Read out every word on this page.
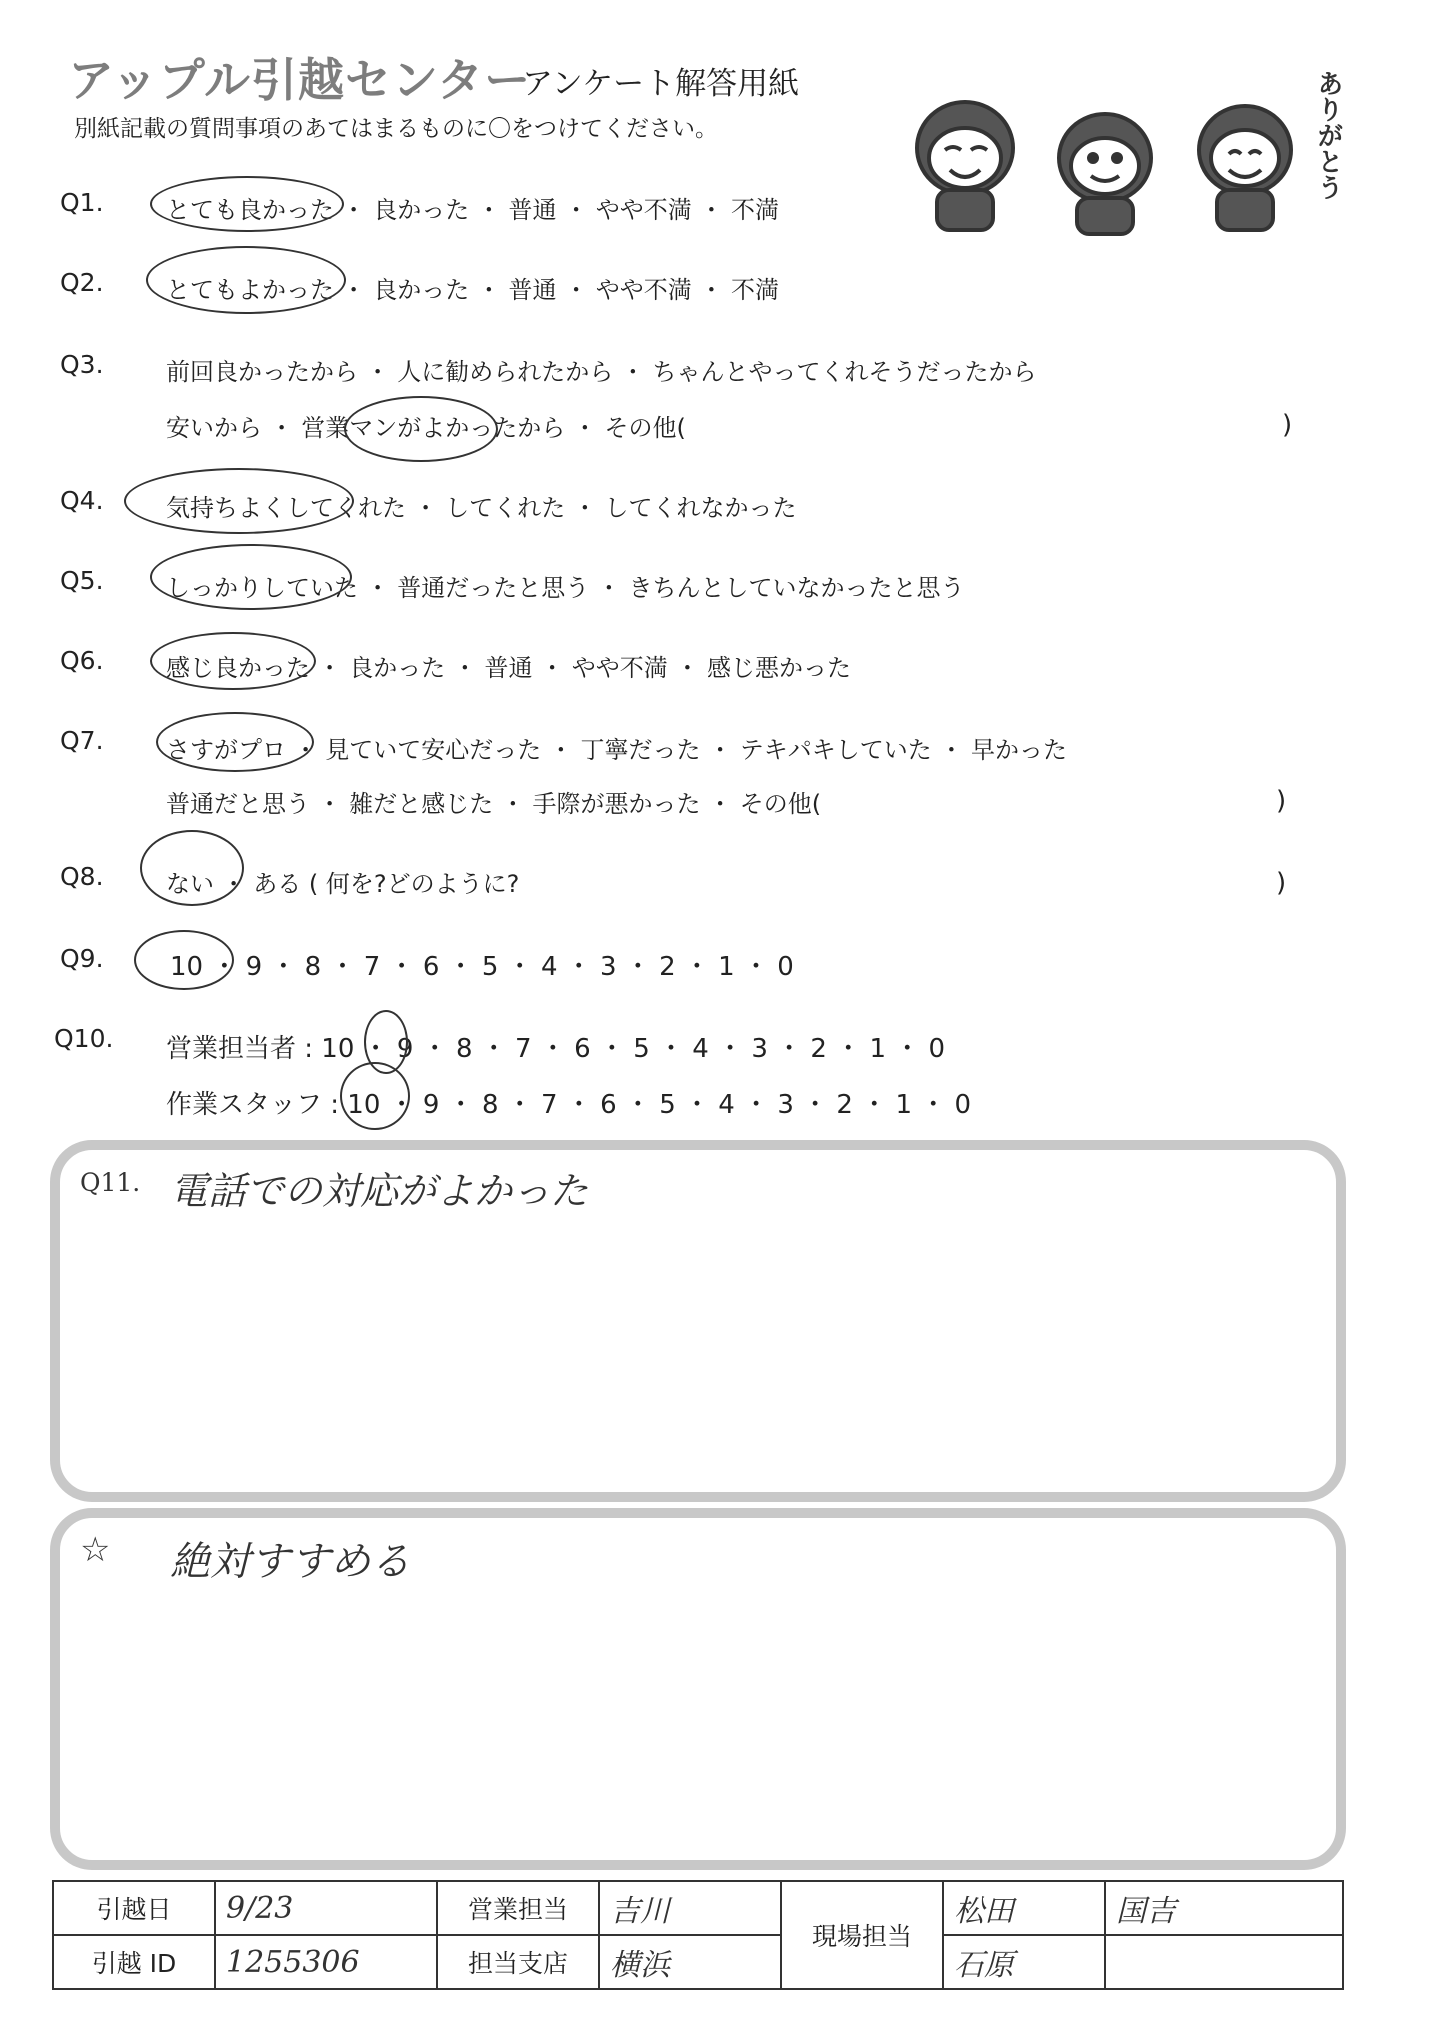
アップル引越センター
アンケート解答用紙
別紙記載の質問事項のあてはまるものに〇をつけてください。	ありがとう
Q1.	とても良かった ・ 良かった ・ 普通 ・ やや不満 ・ 不満
Q2.	とてもよかった ・ 良かった ・ 普通 ・ やや不満 ・ 不満
Q3.	前回良かったから ・ 人に勧められたから ・ ちゃんとやってくれそうだったから
安いから ・ 営業マンがよかったから ・ その他(	)
Q4.	気持ちよくしてくれた ・ してくれた ・ してくれなかった
Q5.	しっかりしていた ・ 普通だったと思う ・ きちんとしていなかったと思う
Q6.	感じ良かった ・ 良かった ・ 普通 ・ やや不満 ・ 感じ悪かった
Q7.	さすがプロ ・ 見ていて安心だった ・ 丁寧だった ・ テキパキしていた ・ 早かった
普通だと思う ・ 雑だと感じた ・ 手際が悪かった ・ その他(	)
Q8.	ない ・ ある ( 何を?どのように?	)
Q9.	10 ・ 9 ・ 8 ・ 7 ・ 6 ・ 5 ・ 4 ・ 3 ・ 2 ・ 1 ・ 0
Q10. 営業担当者 : 10 ・ 9 ・ 8 ・ 7 ・ 6 ・ 5 ・ 4 ・ 3 ・ 2 ・ 1 ・ 0
作業スタッフ : 10 ・ 9 ・ 8 ・ 7 ・ 6 ・ 5 ・ 4 ・ 3 ・ 2 ・ 1 ・ 0
Q11. 電話での対応がよかった
☆ 絶対すすめる
引越日	9/23	営業担当	吉川	現場担当	松田	国吉
引越 ID	1255306	担当支店	横浜		石原	
